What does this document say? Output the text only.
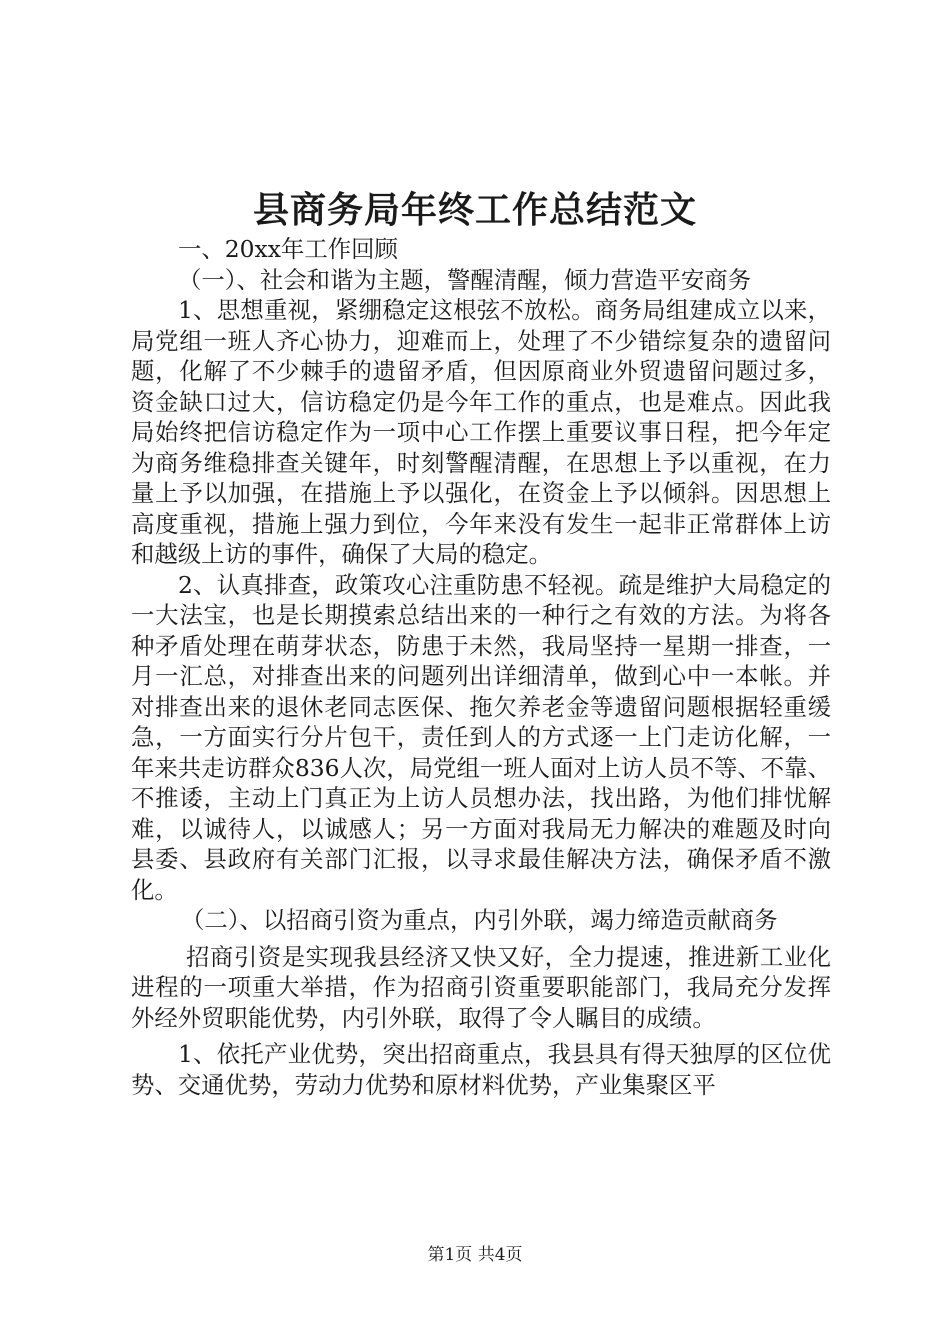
县商务局年终工作总结范文

一、20xx年工作回顾

（一）、社会和谐为主题，警醒清醒，倾力营造平安商务

1、思想重视，紧绷稳定这根弦不放松。商务局组建成立以来，局党组一班人齐心协力，迎难而上，处理了不少错综复杂的遗留问题，化解了不少棘手的遗留矛盾，但因原商业外贸遗留问题过多，资金缺口过大，信访稳定仍是今年工作的重点，也是难点。因此我局始终把信访稳定作为一项中心工作摆上重要议事日程，把今年定为商务维稳排查关键年，时刻警醒清醒，在思想上予以重视，在力量上予以加强，在措施上予以强化，在资金上予以倾斜。因思想上高度重视，措施上强力到位，今年来没有发生一起非正常群体上访和越级上访的事件，确保了大局的稳定。

2、认真排查，政策攻心注重防患不轻视。疏是维护大局稳定的一大法宝，也是长期摸索总结出来的一种行之有效的方法。为将各种矛盾处理在萌芽状态，防患于未然，我局坚持一星期一排查，一月一汇总，对排查出来的问题列出详细清单，做到心中一本帐。并对排查出来的退休老同志医保、拖欠养老金等遗留问题根据轻重缓急，一方面实行分片包干，责任到人的方式逐一上门走访化解，一年来共走访群众836人次，局党组一班人面对上访人员不等、不靠、不推诿，主动上门真正为上访人员想办法，找出路，为他们排忧解难，以诚待人，以诚感人；另一方面对我局无力解决的难题及时向县委、县政府有关部门汇报，以寻求最佳解决方法，确保矛盾不激化。

（二）、以招商引资为重点，内引外联，竭力缔造贡献商务

招商引资是实现我县经济又快又好，全力提速，推进新工业化进程的一项重大举措，作为招商引资重要职能部门，我局充分发挥外经外贸职能优势，内引外联，取得了令人瞩目的成绩。

1、依托产业优势，突出招商重点，我县具有得天独厚的区位优势、交通优势，劳动力优势和原材料优势，产业集聚区平

第1页 共4页
